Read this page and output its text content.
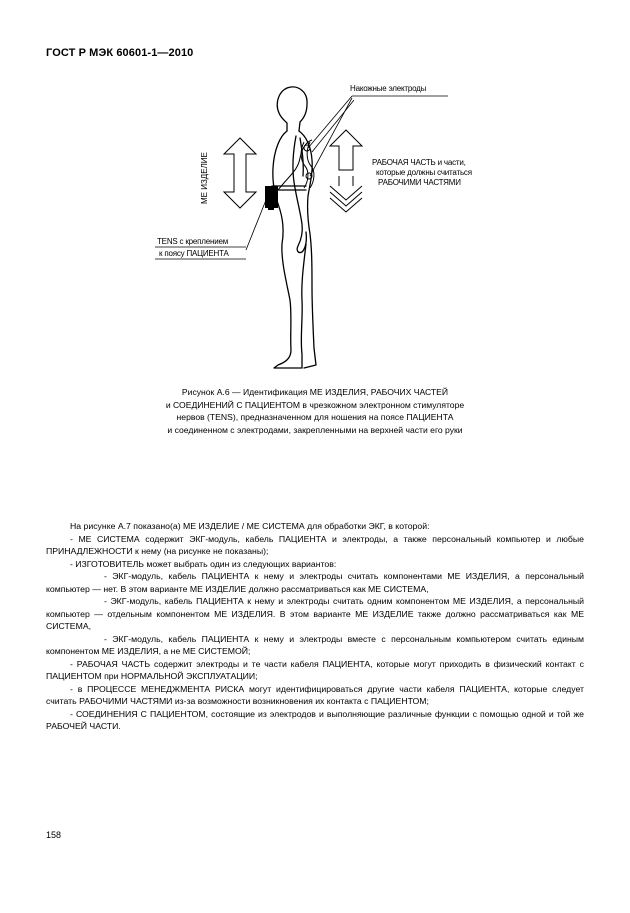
ГОСТ Р МЭК 60601-1—2010
Накожные электроды
МЕ ИЗДЕЛИЕ	РАБОЧАЯ ЧАСТЬ и части,
которые должны считаться
РАБОЧИМИ ЧАСТЯМИ
TENS с креплением
к поясу ПАЦИЕНТА
Рисунок А.6 — Идентификация МЕ ИЗДЕЛИЯ, РАБОЧИХ ЧАСТЕЙ
и СОЕДИНЕНИЙ С ПАЦИЕНТОМ в чрезкожном электронном стимуляторе
нервов (TENS), предназначенном для ношения на поясе ПАЦИЕНТА
и соединенном с электродами, закрепленными на верхней части его руки

На рисунке А.7 показано(а) МЕ ИЗДЕЛИЕ / МЕ СИСТЕМА для обработки ЭКГ, в которой:

- МЕ СИСТЕМА содержит ЭКГ-модуль, кабель ПАЦИЕНТА и электроды, а также персональный компьютер и любые ПРИНАДЛЕЖНОСТИ к нему (на рисунке не показаны);

- ИЗГОТОВИТЕЛЬ может выбрать один из следующих вариантов:

- ЭКГ-модуль, кабель ПАЦИЕНТА к нему и электроды считать компонентами МЕ ИЗДЕЛИЯ, а персональный компьютер — нет. В этом варианте МЕ ИЗДЕЛИЕ должно рассматриваться как МЕ СИСТЕМА,

- ЭКГ-модуль, кабель ПАЦИЕНТА к нему и электроды считать одним компонентом МЕ ИЗДЕЛИЯ, а персональный компьютер — отдельным компонентом МЕ ИЗДЕЛИЯ. В этом варианте МЕ ИЗДЕЛИЕ также должно рассматриваться как МЕ СИСТЕМА,

- ЭКГ-модуль, кабель ПАЦИЕНТА к нему и электроды вместе с персональным компьютером считать единым компонентом МЕ ИЗДЕЛИЯ, а не МЕ СИСТЕМОЙ;

- РАБОЧАЯ ЧАСТЬ содержит электроды и те части кабеля ПАЦИЕНТА, которые могут приходить в физический контакт с ПАЦИЕНТОМ при НОРМАЛЬНОЙ ЭКСПЛУАТАЦИИ;

- в ПРОЦЕССЕ МЕНЕДЖМЕНТА РИСКА могут идентифицироваться другие части кабеля ПАЦИЕНТА, которые следует считать РАБОЧИМИ ЧАСТЯМИ из-за возможности возникновения их контакта с ПАЦИЕНТОМ;

- СОЕДИНЕНИЯ С ПАЦИЕНТОМ, состоящие из электродов и выполняющие различные функции с помощью одной и той же РАБОЧЕЙ ЧАСТИ.

158
